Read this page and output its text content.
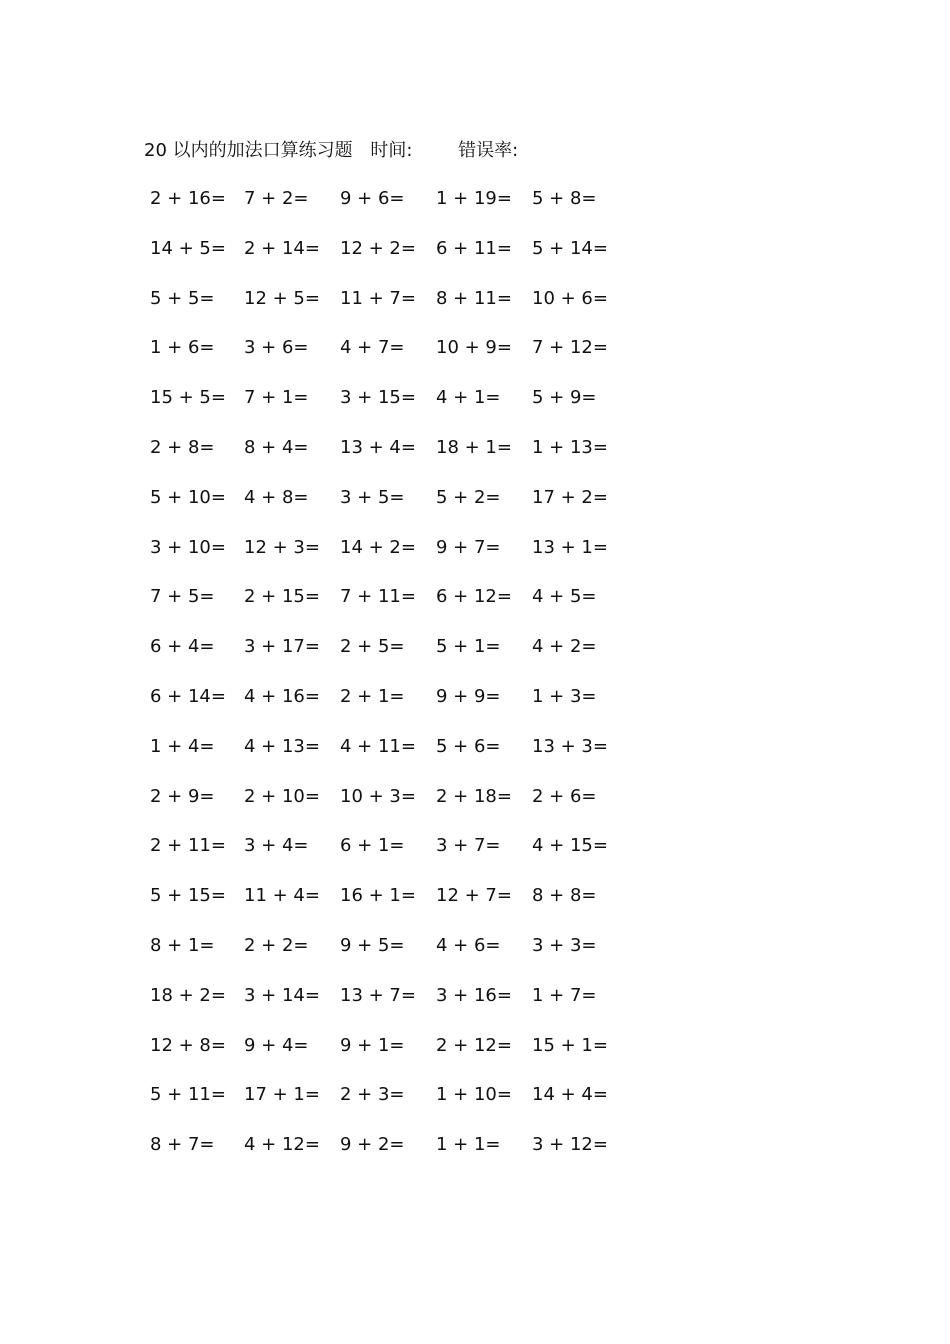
20 以内的加法口算练习题 时间:	错误率:
2 + 16= 7 + 2= 9 + 6= 1 + 19= 5 + 8=
14 + 5= 2 + 14= 12 + 2= 6 + 11= 5 + 14=
5 + 5= 12 + 5= 11 + 7= 8 + 11= 10 + 6=
1 + 6= 3 + 6= 4 + 7= 10 + 9= 7 + 12=
15 + 5= 7 + 1= 3 + 15= 4 + 1= 5 + 9=
2 + 8= 8 + 4= 13 + 4= 18 + 1= 1 + 13=
5 + 10= 4 + 8= 3 + 5= 5 + 2= 17 + 2=
3 + 10= 12 + 3= 14 + 2= 9 + 7= 13 + 1=
7 + 5= 2 + 15= 7 + 11= 6 + 12= 4 + 5=
6 + 4= 3 + 17= 2 + 5= 5 + 1= 4 + 2=
6 + 14= 4 + 16= 2 + 1= 9 + 9= 1 + 3=
1 + 4= 4 + 13= 4 + 11= 5 + 6= 13 + 3=
2 + 9= 2 + 10= 10 + 3= 2 + 18= 2 + 6=
2 + 11= 3 + 4= 6 + 1= 3 + 7= 4 + 15=
5 + 15= 11 + 4= 16 + 1= 12 + 7= 8 + 8=
8 + 1= 2 + 2= 9 + 5= 4 + 6= 3 + 3=
18 + 2= 3 + 14= 13 + 7= 3 + 16= 1 + 7=
12 + 8= 9 + 4= 9 + 1= 2 + 12= 15 + 1=
5 + 11= 17 + 1= 2 + 3= 1 + 10= 14 + 4=
8 + 7= 4 + 12= 9 + 2= 1 + 1= 3 + 12=
